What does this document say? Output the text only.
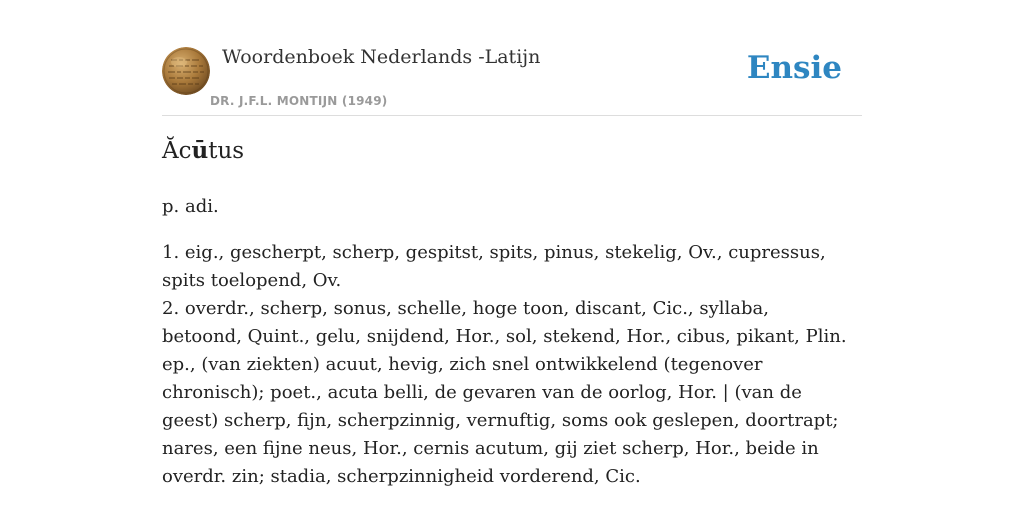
Woordenboek Nederlands -Latijn
DR. J.F.L. MONTIJN (1949)
Ensie
Ăcūtus
p. adi.
1. eig., gescherpt, scherp, gespitst, spits, pinus, stekelig, Ov., cupressus, spits toelopend, Ov.
2. overdr., scherp, sonus, schelle, hoge toon, discant, Cic., syllaba, betoond, Quint., gelu, snijdend, Hor., sol, stekend, Hor., cibus, pikant, Plin. ep., (van ziekten) acuut, hevig, zich snel ontwikkelend (tegenover chronisch); poet., acuta belli, de gevaren van de oorlog, Hor. | (van de geest) scherp, fijn, scherpzinnig, vernuftig, soms ook geslepen, doortrapt; nares, een fijne neus, Hor., cernis acutum, gij ziet scherp, Hor., beide in overdr. zin; stadia, scherpzinnigheid vorderend, Cic.
